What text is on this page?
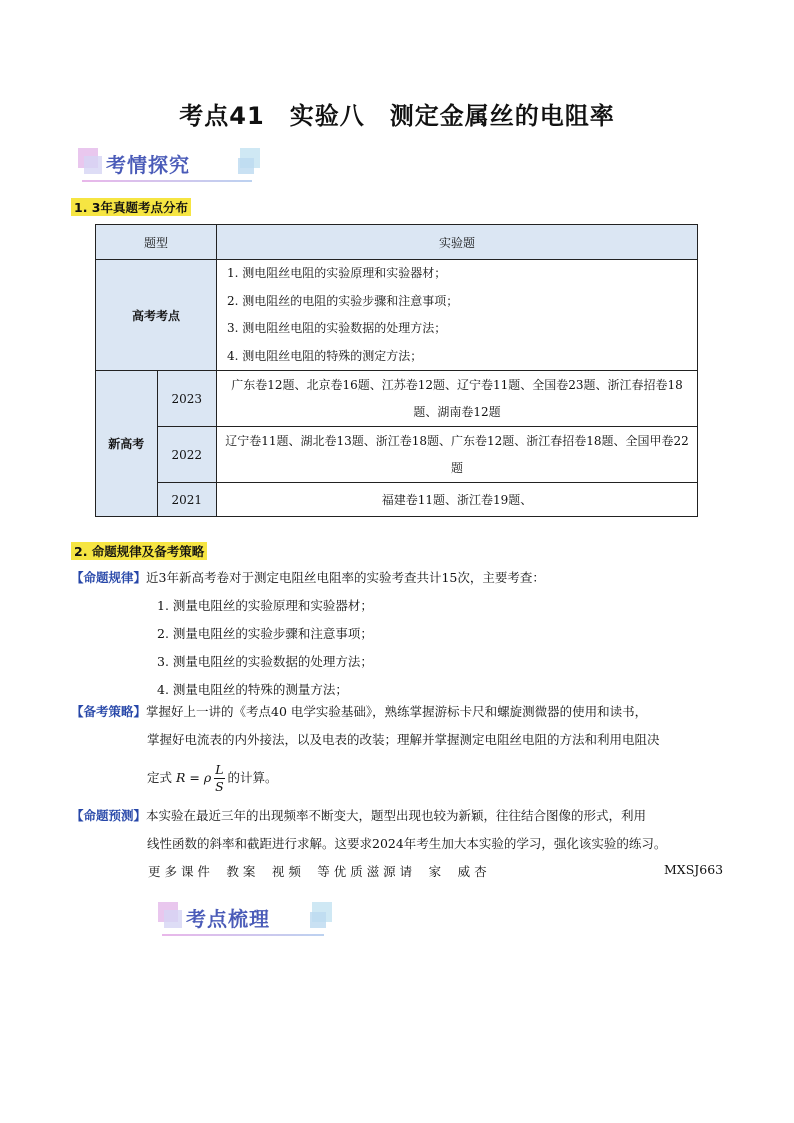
考点41　实验八　测定金属丝的电阻率
考情探究
1. 3年真题考点分布
题型		实验题
高考考点		1. 测电阻丝电阻的实验原理和实验器材；
2. 测电阻丝的电阻的实验步骤和注意事项；
3. 测电阻丝电阻的实验数据的处理方法；
4. 测电阻丝电阻的特殊的测定方法；

新高考	2023	广东卷12题、北京卷16题、江苏卷12题、辽宁卷11题、全国卷23题、浙江春招卷18题、湖南卷12题
	2022	辽宁卷11题、湖北卷13题、浙江卷18题、广东卷12题、浙江春招卷18题、全国甲卷22题
	2021	福建卷11题、浙江卷19题、
2. 命题规律及备考策略
【命题规律】近3年新高考卷对于测定电阻丝电阻率的实验考查共计15次，主要考查：
1. 测量电阻丝的实验原理和实验器材；
2. 测量电阻丝的实验步骤和注意事项；
3. 测量电阻丝的实验数据的处理方法；
4. 测量电阻丝的特殊的测量方法；
【备考策略】掌握好上一讲的《考点40 电学实验基础》，熟练掌握游标卡尺和螺旋测微器的使用和读书，
掌握好电流表的内外接法，以及电表的改装；理解并掌握测定电阻丝电阻的方法和利用电阻决
定式 R = ρ $\frac{L}{S}$ 的计算。
【命题预测】本实验在最近三年的出现频率不断变大，题型出现也较为新颖，往往结合图像的形式，利用
线性函数的斜率和截距进行求解。这要求2024年考生加大本实验的学习，强化该实验的练习。
更 多 课 件　 教 案　 视 频　 等 优 质 滋 源 请　 家　 威 杏	MXSJ663
考点梳理
